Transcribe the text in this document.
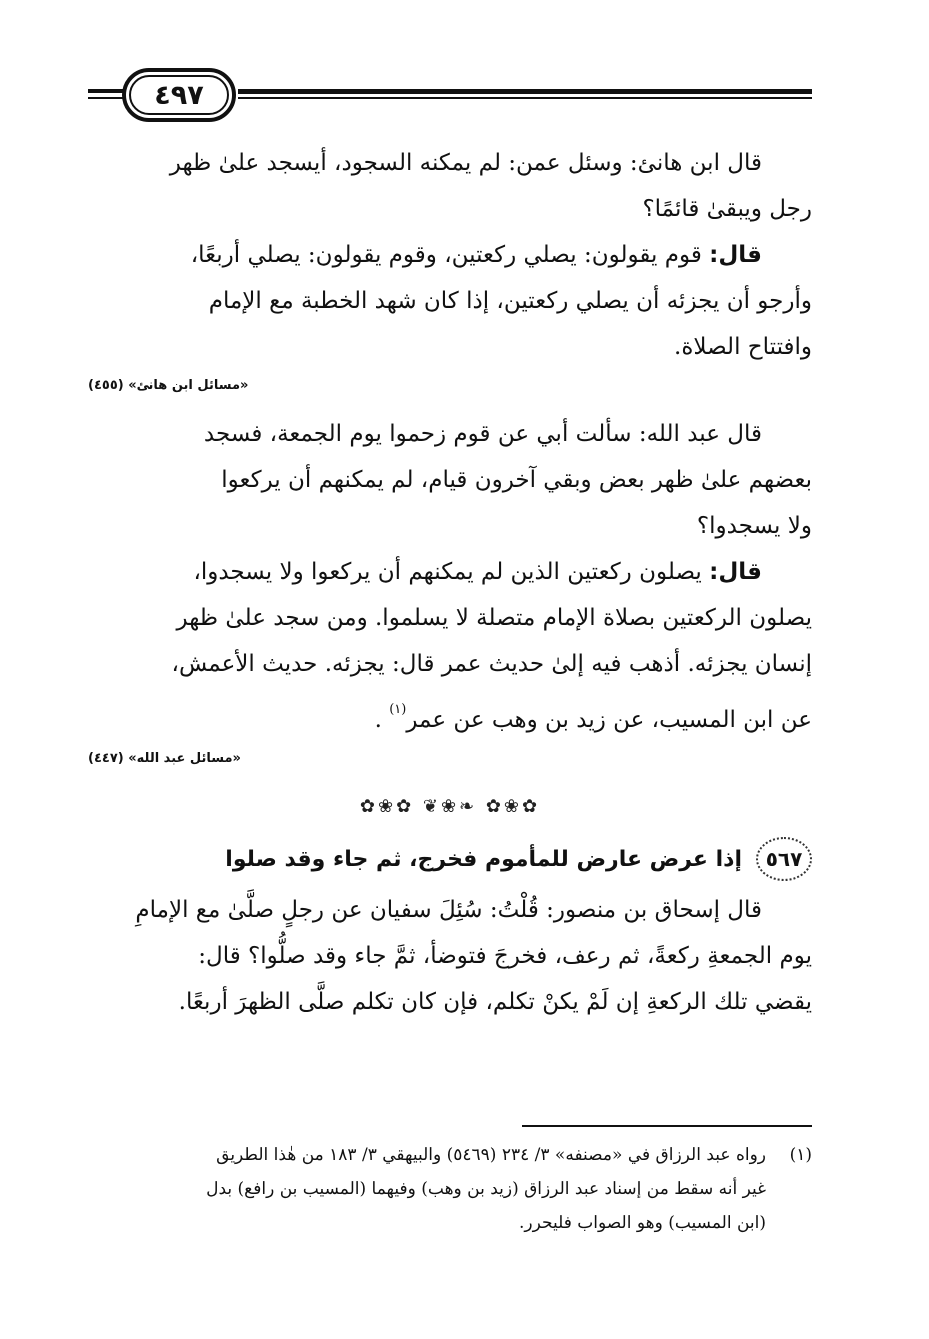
٤٩٧

قال ابن هانئ: وسئل عمن: لم يمكنه السجود، أيسجد علىٰ ظهر

رجل ويبقىٰ قائمًا؟

قال: قوم يقولون: يصلي ركعتين، وقوم يقولون: يصلي أربعًا،

وأرجو أن يجزئه أن يصلي ركعتين، إذا كان شهد الخطبة مع الإمام

وافتتاح الصلاة.

«مسائل ابن هانئ» (٤٥٥)

قال عبد الله: سألت أبي عن قوم زحموا يوم الجمعة، فسجد

بعضهم علىٰ ظهر بعض وبقي آخرون قيام، لم يمكنهم أن يركعوا

ولا يسجدوا؟

قال: يصلون ركعتين الذين لم يمكنهم أن يركعوا ولا يسجدوا،

يصلون الركعتين بصلاة الإمام متصلة لا يسلموا. ومن سجد علىٰ ظهر

إنسان يجزئه. أذهب فيه إلىٰ حديث عمر قال: يجزئه. حديث الأعمش،

عن ابن المسيب، عن زيد بن وهب عن عمر$^{(١)}$ .

«مسائل عبد الله» (٤٤٧)
✿❀✿ ❧❀❦ ✿❀✿
٥٦٧
إذا عرض عارض للمأموم فخرج، ثم جاء وقد صلوا

قال إسحاق بن منصور: قُلْتُ: سُئِلَ سفيان عن رجلٍ صلَّىٰ مع الإمامِ

يوم الجمعةِ ركعةً، ثم رعف، فخرجَ فتوضأ، ثمَّ جاء وقد صلُّوا؟ قال:

يقضي تلك الركعةِ إن لَمْ يكنْ تكلم، فإن كان تكلم صلَّى الظهرَ أربعًا.

(١)رواه عبد الرزاق في «مصنفه» ٣/ ٢٣٤ (٥٤٦٩) والبيهقي ٣/ ١٨٣ من هٰذا الطريق

غير أنه سقط من إسناد عبد الرزاق (زيد بن وهب) وفيهما (المسيب بن رافع) بدل

(ابن المسيب) وهو الصواب فليحرر.
